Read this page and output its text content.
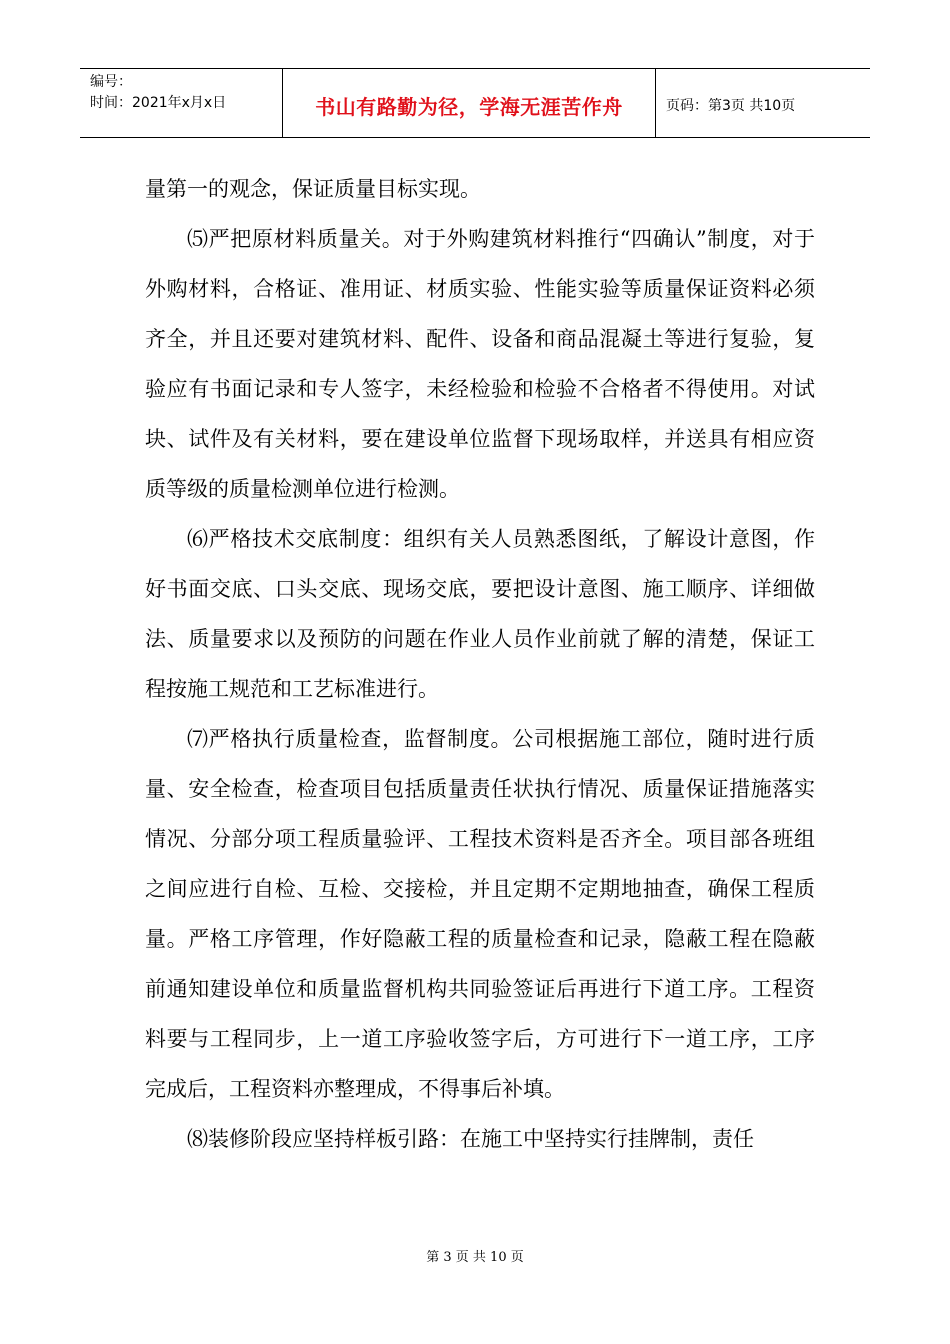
编号：
时间：2021年x月x日	书山有路勤为径，学海无涯苦作舟	页码：第3页 共10页

量第一的观念，保证质量目标实现。

⑸严把原材料质量关。对于外购建筑材料推行“四确认”制度，对于外购材料，合格证、准用证、材质实验、性能实验等质量保证资料必须齐全，并且还要对建筑材料、配件、设备和商品混凝土等进行复验，复验应有书面记录和专人签字，未经检验和检验不合格者不得使用。对试块、试件及有关材料，要在建设单位监督下现场取样，并送具有相应资质等级的质量检测单位进行检测。

⑹严格技术交底制度：组织有关人员熟悉图纸，了解设计意图，作好书面交底、口头交底、现场交底，要把设计意图、施工顺序、详细做法、质量要求以及预防的问题在作业人员作业前就了解的清楚，保证工程按施工规范和工艺标准进行。

⑺严格执行质量检查，监督制度。公司根据施工部位，随时进行质量、安全检查，检查项目包括质量责任状执行情况、质量保证措施落实情况、分部分项工程质量验评、工程技术资料是否齐全。项目部各班组之间应进行自检、互检、交接检，并且定期不定期地抽查，确保工程质量。严格工序管理，作好隐蔽工程的质量检查和记录，隐蔽工程在隐蔽前通知建设单位和质量监督机构共同验签证后再进行下道工序。工程资料要与工程同步，上一道工序验收签字后，方可进行下一道工序，工序完成后，工程资料亦整理成，不得事后补填。

⑻装修阶段应坚持样板引路：在施工中坚持实行挂牌制，责任

第 3 页 共 10 页
